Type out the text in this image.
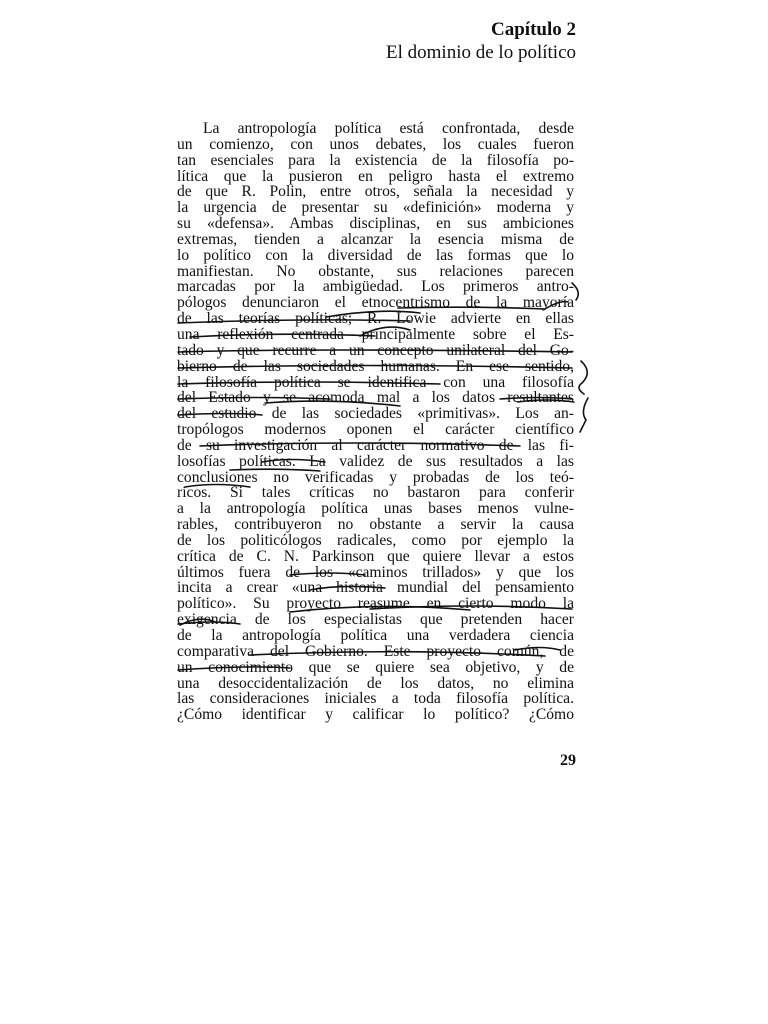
Capítulo 2
El dominio de lo político
La antropología política está confrontada, desde
un comienzo, con unos debates, los cuales fueron
tan esenciales para la existencia de la filosofía po-
lítica que la pusieron en peligro hasta el extremo
de que R. Polin, entre otros, señala la necesidad y
la urgencia de presentar su «definición» moderna y
su «defensa». Ambas disciplinas, en sus ambiciones
extremas, tienden a alcanzar la esencia misma de
lo político con la diversidad de las formas que lo
manifiestan. No obstante, sus relaciones parecen
marcadas por la ambigüedad. Los primeros antro-
pólogos denunciaron el etnocentrismo de la mayoría
de las teorías políticas; R. Lowie advierte en ellas
una reflexión centrada principalmente sobre el Es-
tado y que recurre a un concepto unilateral del Go-
bierno de las sociedades humanas. En ese sentido,
la filosofía política se identifica con una filosofía
del Estado y se acomoda mal a los datos resultantes
del estudio de las sociedades «primitivas». Los an-
tropólogos modernos oponen el carácter científico
de su investigación al carácter normativo de las fi-
losofías políticas. La validez de sus resultados a las
conclusiones no verificadas y probadas de los teó-
ricos. Si tales críticas no bastaron para conferir
a la antropología política unas bases menos vulne-
rables, contribuyeron no obstante a servir la causa
de los politicólogos radicales, como por ejemplo la
crítica de C. N. Parkinson que quiere llevar a estos
últimos fuera de los «caminos trillados» y que los
incita a crear «una historia mundial del pensamiento
político». Su proyecto reasume en cierto modo la
exigencia de los especialistas que pretenden hacer
de la antropología política una verdadera ciencia
comparativa del Gobierno. Este proyecto común, de
un conocimiento que se quiere sea objetivo, y de
una desoccidentalización de los datos, no elimina
las consideraciones iniciales a toda filosofía política.
¿Cómo identificar y calificar lo político? ¿Cómo
29
